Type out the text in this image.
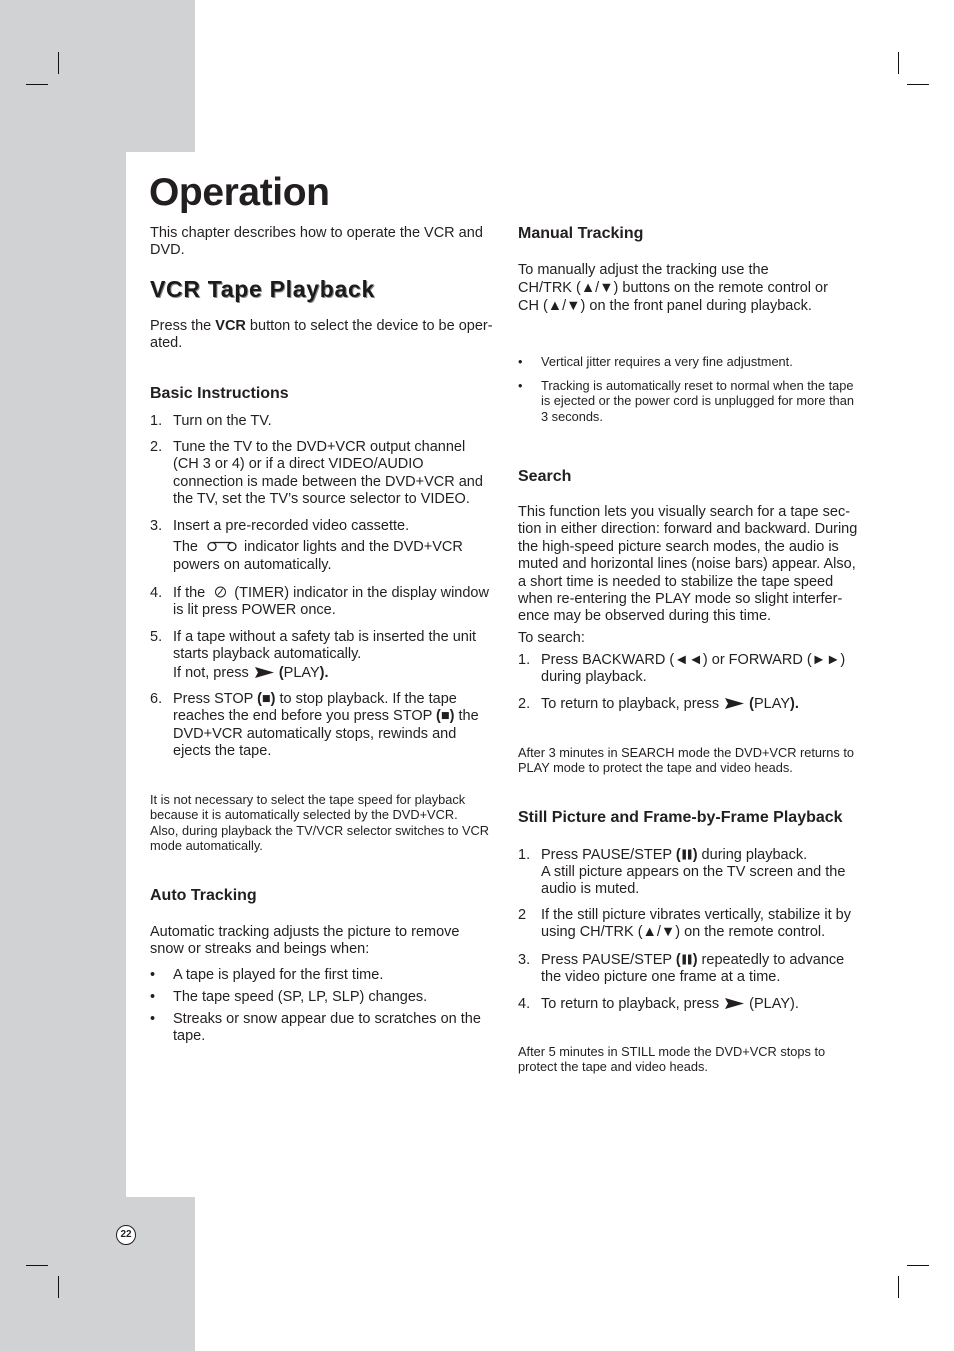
Operation
This chapter describes how to operate the VCR and
DVD.
VCR Tape Playback
Press the VCR button to select the device to be oper-
ated.
Basic Instructions
1. Turn on the TV.
2. Tune the TV to the DVD+VCR output channel
(CH 3 or 4) or if a direct VIDEO/AUDIO
connection is made between the DVD+VCR and
the TV, set the TV’s source selector to VIDEO.
3. Insert a pre-recorded video cassette.
The	indicator lights and the DVD+VCR
powers on automatically.
4. If the  (TIMER) indicator in the display window
is lit press POWER once.
5. If a tape without a safety tab is inserted the unit
starts playback automatically.
If not, press  (PLAY).
6. Press STOP (■) to stop playback. If the tape
reaches the end before you press STOP (■) the
DVD+VCR automatically stops, rewinds and
ejects the tape.
It is not necessary to select the tape speed for playback
because it is automatically selected by the DVD+VCR.
Also, during playback the TV/VCR selector switches to VCR
mode automatically.
Auto Tracking
Automatic tracking adjusts the picture to remove
snow or streaks and beings when:
• A tape is played for the first time.
• The tape speed (SP, LP, SLP) changes.
• Streaks or snow appear due to scratches on the
tape.
Manual Tracking
To manually adjust the tracking use the
CH/TRK (▲/▼) buttons on the remote control or
CH (▲/▼) on the front panel during playback.
• Vertical jitter requires a very fine adjustment.
• Tracking is automatically reset to normal when the tape
is ejected or the power cord is unplugged for more than
3 seconds.
Search
This function lets you visually search for a tape sec-
tion in either direction: forward and backward. During
the high-speed picture search modes, the audio is
muted and horizontal lines (noise bars) appear. Also,
a short time is needed to stabilize the tape speed
when re-entering the PLAY mode so slight interfer-
ence may be observed during this time.
To search:
1. Press BACKWARD (◄◄) or FORWARD (►►)
during playback.
2. To return to playback, press  (PLAY).
After 3 minutes in SEARCH mode the DVD+VCR returns to
PLAY mode to protect the tape and video heads.
Still Picture and Frame-by-Frame Playback
1. Press PAUSE/STEP ( ) during playback.
A still picture appears on the TV screen and the
audio is muted.
2 If the still picture vibrates vertically, stabilize it by
using CH/TRK (▲/▼) on the remote control.
3. Press PAUSE/STEP ( ) repeatedly to advance
the video picture one frame at a time.
4. To return to playback, press  (PLAY).
After 5 minutes in STILL mode the DVD+VCR stops to
protect the tape and video heads.
22
